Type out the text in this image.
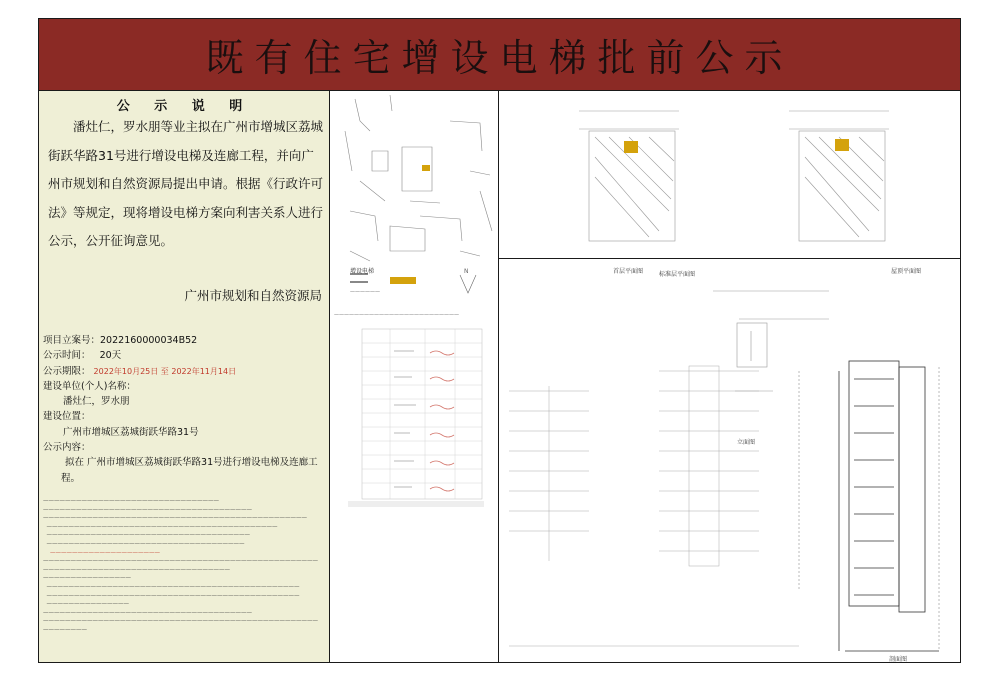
既有住宅增设电梯批前公示
公 示 说 明

潘灶仁，罗水朋等业主拟在广州市增城区荔城街跃华路31号进行增设电梯及连廊工程，并向广州市规划和自然资源局提出申请。根据《行政许可法》等规定，现将增设电梯方案向利害关系人进行公示，公开征询意见。

广州市规划和自然资源局
项目立案号：2022160000034B52
公示时间： 20天
公示期限： 2022年10月25日 至 2022年11月14日
建设单位(个人)名称：
潘灶仁，罗水朋
建设位置：
广州市增城区荔城街跃华路31号
公示内容：
拟在 广州市增城区荔城街跃华路31号进行增设电梯及连廊工程。
————————————————————————————————
——————————————————————————————————————
————————————————————————————————————————————————
——————————————————————————————————————————
—————————————————————————————————————
————————————————————————————————————
————————————————————
——————————————————————————————————————————————————
——————————————————————————————————
————————————————
——————————————————————————————————————————————
——————————————————————————————————————————————
———————————————
——————————————————————————————————————
——————————————————————————————————————————————————
————————
——————
N
—————————————————————————
增设电梯	标准层平面图
首层平面图	屋顶平面图
立面图
剖面图
